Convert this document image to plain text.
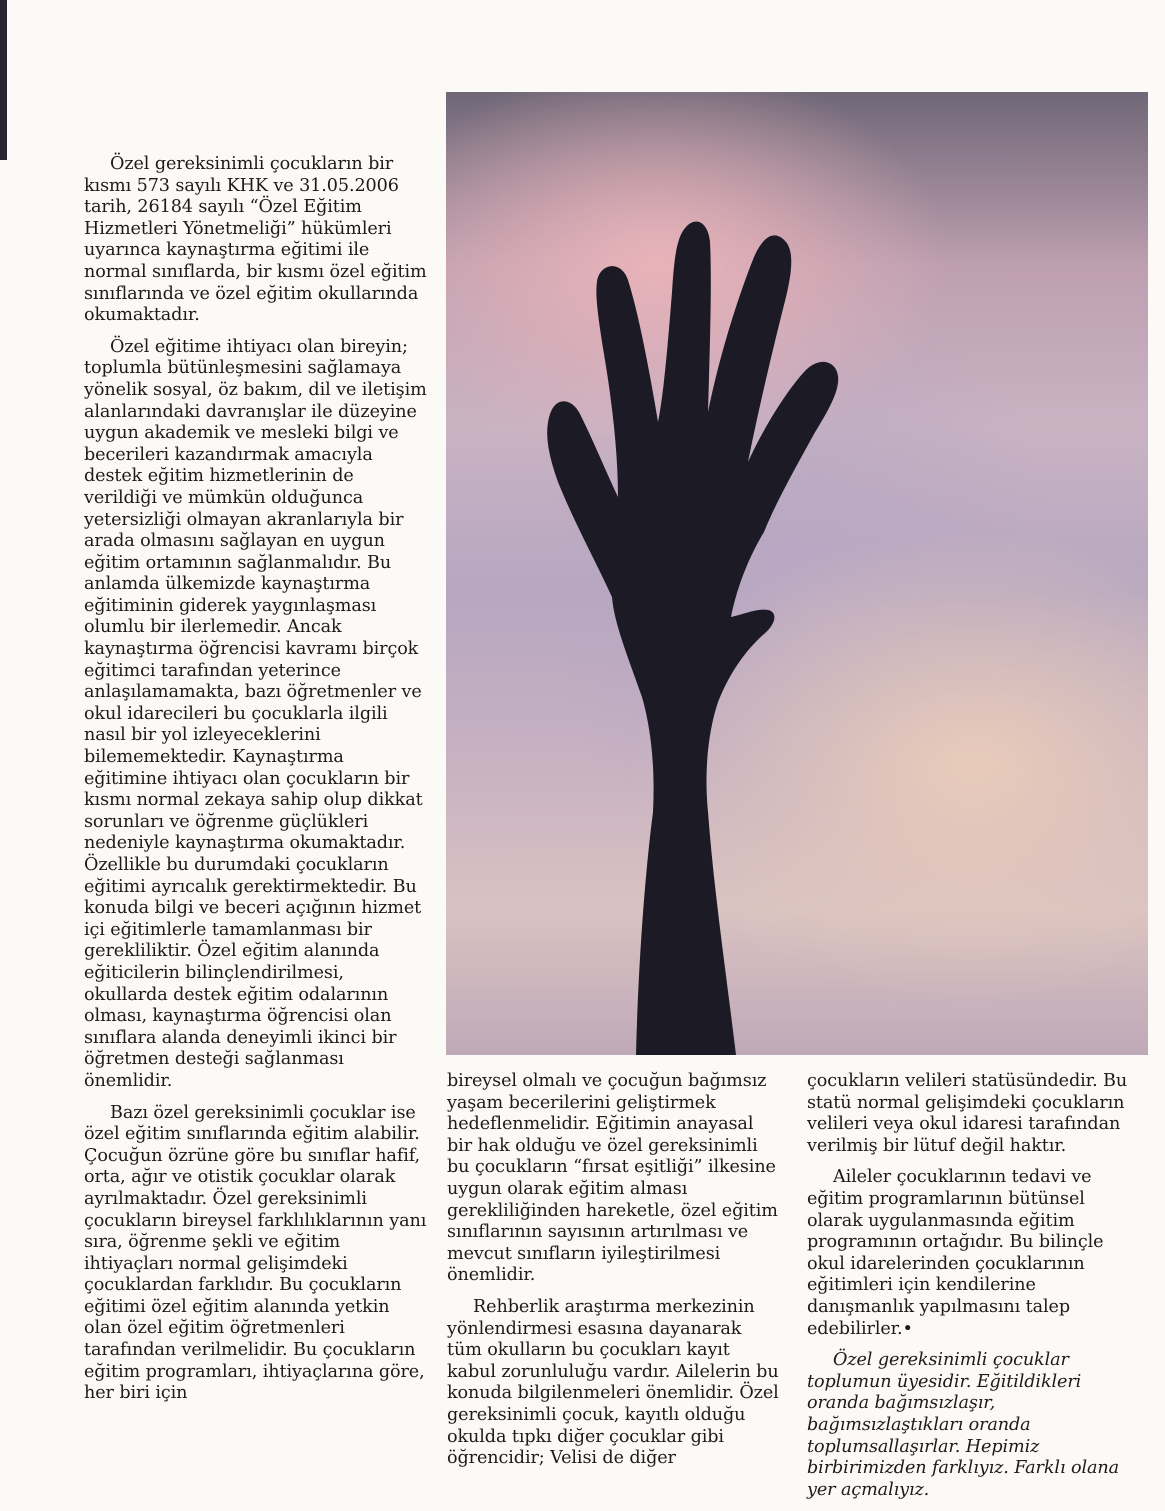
Özel gereksinimli çocukların bir kısmı 573 sayılı KHK ve 31.05.2006 tarih, 26184 sayılı “Özel Eğitim Hizmetleri Yönetmeliği” hükümleri uyarınca kaynaştırma eğitimi ile normal sınıflarda, bir kısmı özel eğitim sınıflarında ve özel eğitim okullarında okumaktadır.

Özel eğitime ihtiyacı olan bireyin; toplumla bütünleşmesini sağlamaya yönelik sosyal, öz bakım, dil ve iletişim alanlarındaki davranışlar ile düzeyine uygun akademik ve mesleki bilgi ve becerileri kazandırmak amacıyla destek eğitim hizmetlerinin de verildiği ve mümkün olduğunca yetersizliği olmayan akranlarıyla bir arada olmasını sağlayan en uygun eğitim ortamının sağlanmalıdır. Bu anlamda ülkemizde kaynaştırma eğitiminin giderek yaygınlaşması olumlu bir ilerlemedir. Ancak kaynaştırma öğrencisi kavramı birçok eğitimci tarafından yeterince anlaşılamamakta, bazı öğretmenler ve okul idarecileri bu çocuklarla ilgili nasıl bir yol izleyeceklerini bilememektedir. Kaynaştırma eğitimine ihtiyacı olan çocukların bir kısmı normal zekaya sahip olup dikkat sorunları ve öğrenme güçlükleri nedeniyle kaynaştırma okumaktadır. Özellikle bu durumdaki çocukların eğitimi ayrıcalık gerektirmektedir. Bu konuda bilgi ve beceri açığının hizmet içi eğitimlerle tamamlanması bir gerekliliktir. Özel eğitim alanında eğiticilerin bilinçlendirilmesi, okullarda destek eğitim odalarının olması, kaynaştırma öğrencisi olan sınıflara alanda deneyimli ikinci bir öğretmen desteği sağlanması önemlidir.

Bazı özel gereksinimli çocuklar ise özel eğitim sınıflarında eğitim alabilir. Çocuğun özrüne göre bu sınıflar hafif, orta, ağır ve otistik çocuklar olarak ayrılmaktadır. Özel gereksinimli çocukların bireysel farklılıklarının yanı sıra, öğrenme şekli ve eğitim ihtiyaçları normal gelişimdeki çocuklardan farklıdır. Bu çocukların eğitimi özel eğitim alanında yetkin olan özel eğitim öğretmenleri tarafından verilmelidir. Bu çocukların eğitim programları, ihtiyaçlarına göre, her biri için

bireysel olmalı ve çocuğun bağımsız yaşam becerilerini geliştirmek hedeflenmelidir. Eğitimin anayasal bir hak olduğu ve özel gereksinimli bu çocukların “fırsat eşitliği” ilkesine uygun olarak eğitim alması gerekliliğinden hareketle, özel eğitim sınıflarının sayısının artırılması ve mevcut sınıfların iyileştirilmesi önemlidir.

Rehberlik araştırma merkezinin yönlendirmesi esasına dayanarak tüm okulların bu çocukları kayıt kabul zorunluluğu vardır. Ailelerin bu konuda bilgilenmeleri önemlidir. Özel gereksinimli çocuk, kayıtlı olduğu okulda tıpkı diğer çocuklar gibi öğrencidir; Velisi de diğer

çocukların velileri statüsündedir. Bu statü normal gelişimdeki çocukların velileri veya okul idaresi tarafından verilmiş bir lütuf değil haktır.

Aileler çocuklarının tedavi ve eğitim programlarının bütünsel olarak uygulanmasında eğitim programının ortağıdır. Bu bilinçle okul idarelerinden çocuklarının eğitimleri için kendilerine danışmanlık yapılmasını talep edebilirler.•

Özel gereksinimli çocuklar toplumun üyesidir. Eğitildikleri oranda bağımsızlaşır, bağımsızlaştıkları oranda toplumsallaşırlar. Hepimiz birbirimizden farklıyız. Farklı olana yer açmalıyız.
